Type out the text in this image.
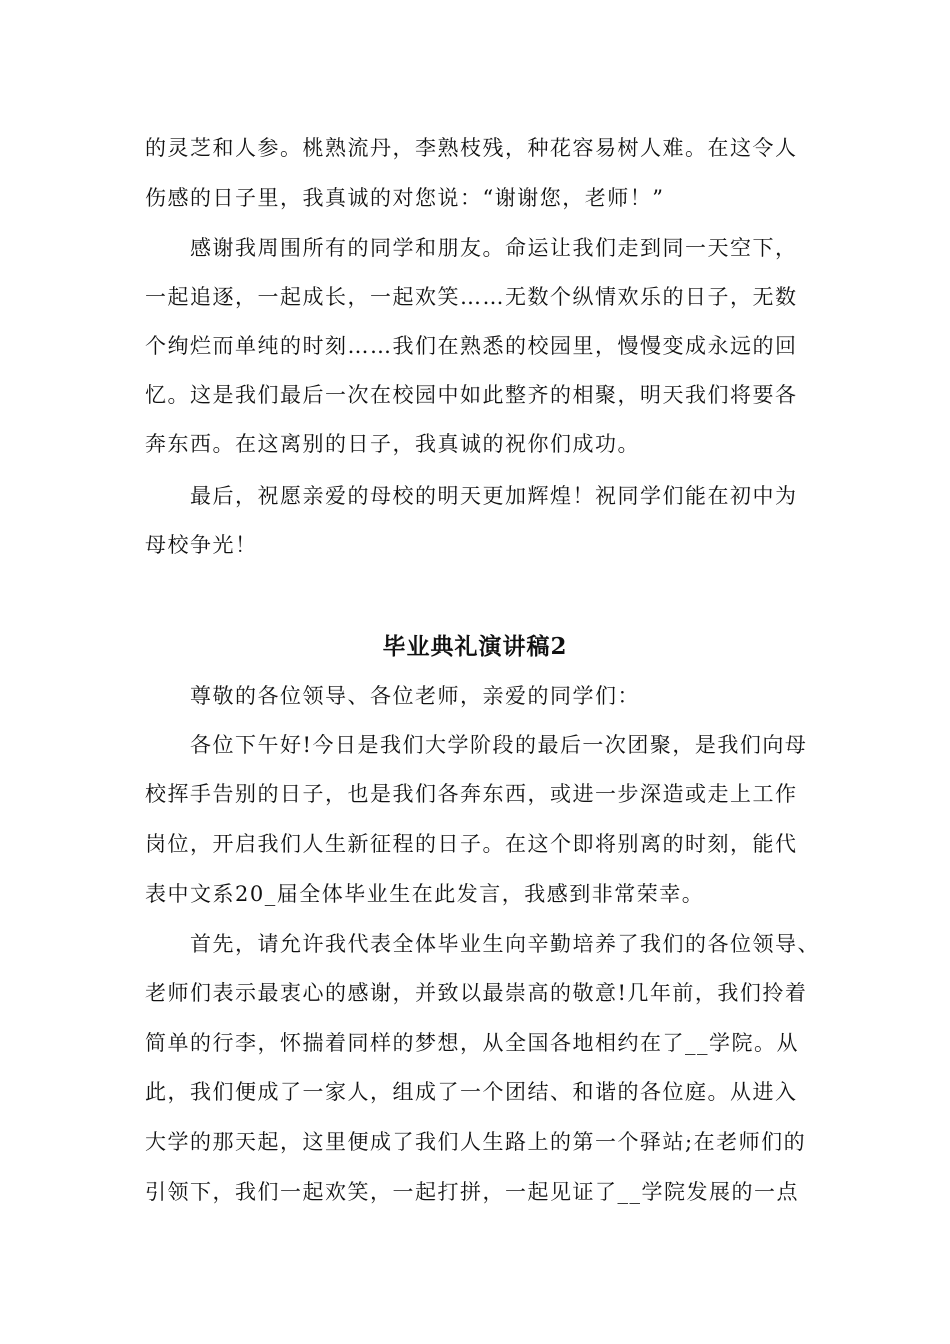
的灵芝和人参。桃熟流丹，李熟枝残，种花容易树人难。在这令人
伤感的日子里，我真诚的对您说：“谢谢您，老师！”
感谢我周围所有的同学和朋友。命运让我们走到同一天空下，
一起追逐，一起成长，一起欢笑……无数个纵情欢乐的日子，无数
个绚烂而单纯的时刻……我们在熟悉的校园里，慢慢变成永远的回
忆。这是我们最后一次在校园中如此整齐的相聚，明天我们将要各
奔东西。在这离别的日子，我真诚的祝你们成功。
最后，祝愿亲爱的母校的明天更加辉煌！祝同学们能在初中为
母校争光！
毕业典礼演讲稿2
尊敬的各位领导、各位老师，亲爱的同学们：
各位下午好!今日是我们大学阶段的最后一次团聚，是我们向母
校挥手告别的日子，也是我们各奔东西，或进一步深造或走上工作
岗位，开启我们人生新征程的日子。在这个即将别离的时刻，能代
表中文系20_届全体毕业生在此发言，我感到非常荣幸。
首先，请允许我代表全体毕业生向辛勤培养了我们的各位领导、
老师们表示最衷心的感谢，并致以最崇高的敬意!几年前，我们拎着
简单的行李，怀揣着同样的梦想，从全国各地相约在了__学院。从
此，我们便成了一家人，组成了一个团结、和谐的各位庭。从进入
大学的那天起，这里便成了我们人生路上的第一个驿站;在老师们的
引领下，我们一起欢笑，一起打拼，一起见证了__学院发展的一点
